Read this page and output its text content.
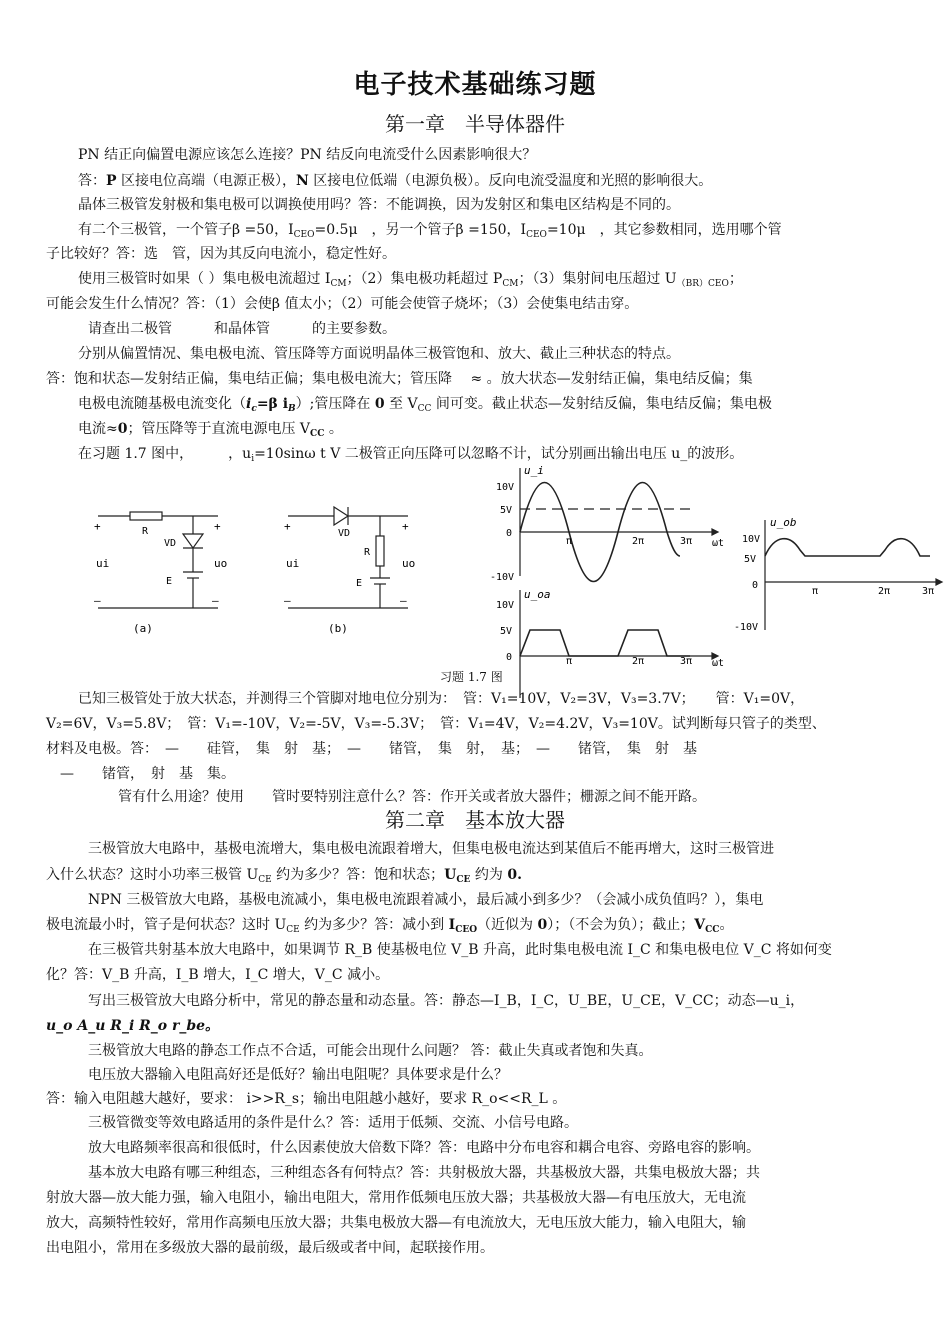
电子技术基础练习题
第一章　半导体器件
PN 结正向偏置电源应该怎么连接？PN 结反向电流受什么因素影响很大？
答：P 区接电位高端（电源正极），N 区接电位低端（电源负极）。反向电流受温度和光照的影响很大。
晶体三极管发射极和集电极可以调换使用吗？答：不能调换，因为发射区和集电区结构是不同的。
有二个三极管，一个管子β =50，$I_{CEO}=0.5\mu$　，另一个管子β =150，$I_{CEO}=10\mu$　，其它参数相同，选用哪个管
子比较好？答：选　管，因为其反向电流小，稳定性好。
使用三极管时如果（ ）集电极电流超过 $I_{CM}$；（2）集电极功耗超过 $P_{CM}$；（3）集射间电压超过 $U_{(BR)CEO}$；
可能会发生什么情况？答：（1）会使β 值太小；（2）可能会使管子烧坏；（3）会使集电结击穿。
请查出二极管　　　和晶体管　　　的主要参数。
分别从偏置情况、集电极电流、管压降等方面说明晶体三极管饱和、放大、截止三种状态的特点。
答：饱和状态—发射结正偏，集电结正偏；集电极电流大；管压降　 ≈ 。放大状态—发射结正偏，集电结反偏；集
电极电流随基极电流变化（$i_c=\beta$ $i_B$）;管压降在 0 至 $V_{CC}$ 间可变。截止状态—发射结反偏，集电结反偏；集电极
电流≈0；管压降等于直流电源电压 $V_{CC}$ 。
在习题 1.7 图中，　　　，$u_i=10\sin\omega$ t V 二极管正向压降可以忽略不计，试分别画出输出电压 u_的波形。
+	+
—	—
R
VD
E
ui	uo
(a)
+	+
—	—
VD
R
E
ui	uo
(b)
u_i
10V
5V
0
-10V
π	2π	3π ωt
u_oa
10V
5V
0	π	2π	3π ωt
u_ob
10V
5V
0
-10V
π	2π	3π
习题 1.7 图
已知三极管处于放大状态，并测得三个管脚对地电位分别为：　管：V₁=10V，V₂=3V，V₃=3.7V；　　管：V₁=0V，
V₂=6V，V₃=5.8V；　管：V₁=-10V，V₂=-5V，V₃=-5.3V；　管：V₁=4V，V₂=4.2V，V₃=10V。试判断每只管子的类型、
材料及电极。答：　—　　硅管，　集　射　基；　—　　锗管，　集　射，　基；　—　　锗管，　集　射　基
　—　　锗管，　射　基　集。
管有什么用途？使用　　管时要特别注意什么？答：作开关或者放大器件；栅源之间不能开路。
第二章　基本放大器
三极管放大电路中，基极电流增大，集电极电流跟着增大，但集电极电流达到某值后不能再增大，这时三极管进
入什么状态？这时小功率三极管 $U_{CE}$ 约为多少？答：饱和状态；$U_{CE}$ 约为 0.
NPN 三极管放大电路，基极电流减小，集电极电流跟着减小，最后减小到多少？（会减小成负值吗？），集电
极电流最小时，管子是何状态？这时 $U_{CE}$ 约为多少？答：减小到 $I_{CEO}$（近似为 0）；（不会为负）；截止；$V_{CC}$。
在三极管共射基本放大电路中，如果调节 R_B 使基极电位 V_B 升高，此时集电极电流 I_C 和集电极电位 V_C 将如何变
化？答：V_B 升高，I_B 增大，I_C 增大，V_C 减小。
写出三极管放大电路分析中，常见的静态量和动态量。答：静态—I_B，I_C，U_BE，U_CE，V_CC；动态—u_i，
u_o A_u R_i R_o r_be。
三极管放大电路的静态工作点不合适，可能会出现什么问题？ 答：截止失真或者饱和失真。
电压放大器输入电阻高好还是低好？输出电阻呢？具体要求是什么？
答：输入电阻越大越好，要求： i>>R_s；输出电阻越小越好，要求 R_o<<R_L 。
三极管微变等效电路适用的条件是什么？答：适用于低频、交流、小信号电路。
放大电路频率很高和很低时，什么因素使放大倍数下降？答：电路中分布电容和耦合电容、旁路电容的影响。
基本放大电路有哪三种组态，三种组态各有何特点？答：共射极放大器，共基极放大器，共集电极放大器；共
射放大器—放大能力强，输入电阻小，输出电阻大，常用作低频电压放大器；共基极放大器—有电压放大，无电流
放大，高频特性较好，常用作高频电压放大器；共集电极放大器—有电流放大，无电压放大能力，输入电阻大，输
出电阻小，常用在多级放大器的最前级，最后级或者中间，起联接作用。
